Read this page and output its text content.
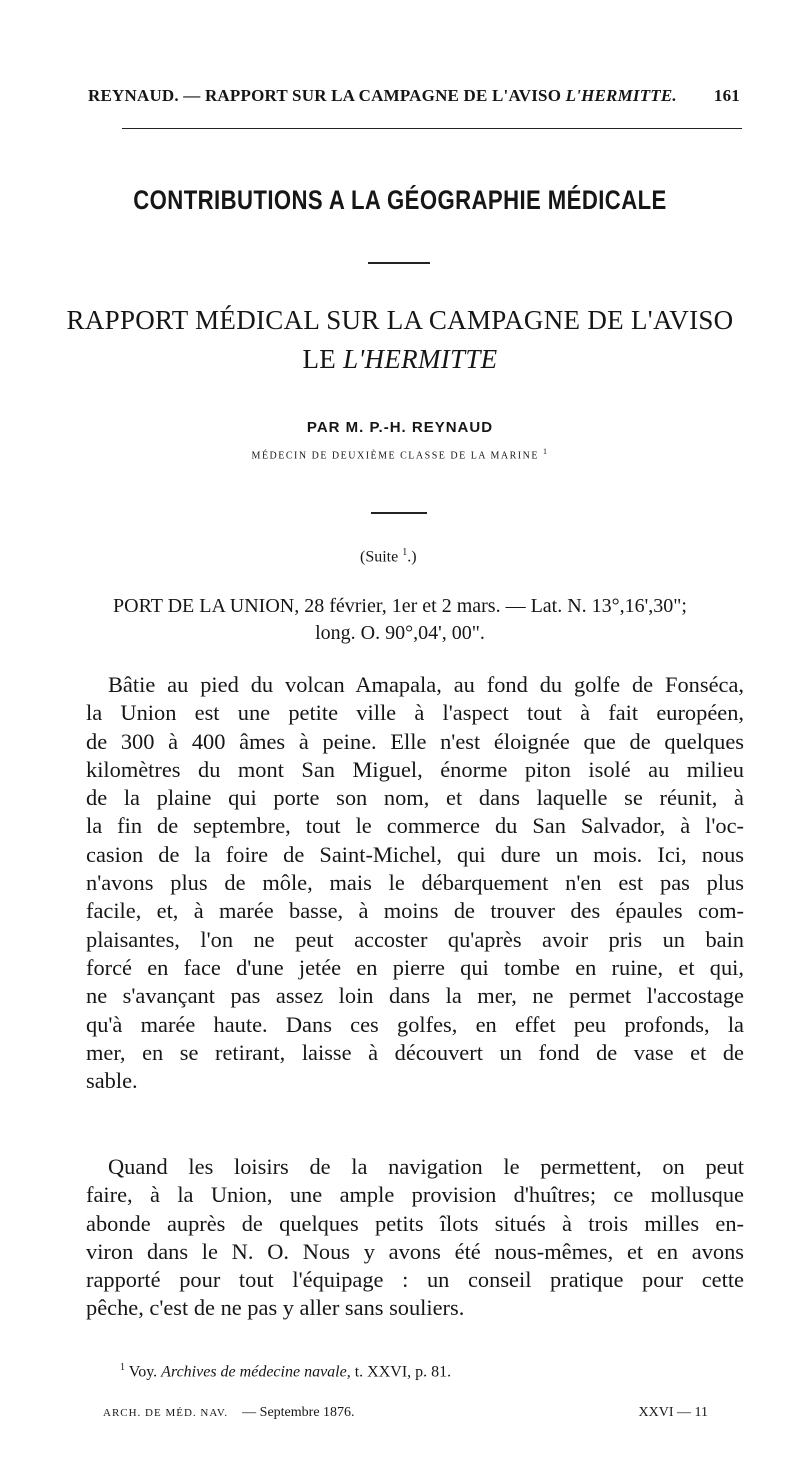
REYNAUD. — RAPPORT SUR LA CAMPAGNE DE L'AVISO L'HERMITTE. 161
CONTRIBUTIONS A LA GÉOGRAPHIE MÉDICALE
RAPPORT MÉDICAL SUR LA CAMPAGNE DE L'AVISO
LE L'HERMITTE
PAR M. P.-H. REYNAUD
MÉDECIN DE DEUXIÈME CLASSE DE LA MARINE $^1$
(Suite $^1$.)
PORT DE LA UNION, 28 février, 1er et 2 mars. — Lat. N. 13°,16',30";
long. O. 90°,04', 00".
Bâtie au pied du volcan Amapala, au fond du golfe de Fonséca,
la Union est une petite ville à l'aspect tout à fait européen,
de 300 à 400 âmes à peine. Elle n'est éloignée que de quelques
kilomètres du mont San Miguel, énorme piton isolé au milieu
de la plaine qui porte son nom, et dans laquelle se réunit, à
la fin de septembre, tout le commerce du San Salvador, à l'oc-
casion de la foire de Saint-Michel, qui dure un mois. Ici, nous
n'avons plus de môle, mais le débarquement n'en est pas plus
facile, et, à marée basse, à moins de trouver des épaules com-
plaisantes, l'on ne peut accoster qu'après avoir pris un bain
forcé en face d'une jetée en pierre qui tombe en ruine, et qui,
ne s'avançant pas assez loin dans la mer, ne permet l'accostage
qu'à marée haute. Dans ces golfes, en effet peu profonds, la
mer, en se retirant, laisse à découvert un fond de vase et de
sable.
Quand les loisirs de la navigation le permettent, on peut
faire, à la Union, une ample provision d'huîtres; ce mollusque
abonde auprès de quelques petits îlots situés à trois milles en-
viron dans le N. O. Nous y avons été nous-mêmes, et en avons
rapporté pour tout l'équipage : un conseil pratique pour cette
pêche, c'est de ne pas y aller sans souliers.
$^1$ Voy. Archives de médecine navale, t. XXVI, p. 81.
ARCH. DE MÉD. NAV. — Septembre 1876.	XXVI — 11
